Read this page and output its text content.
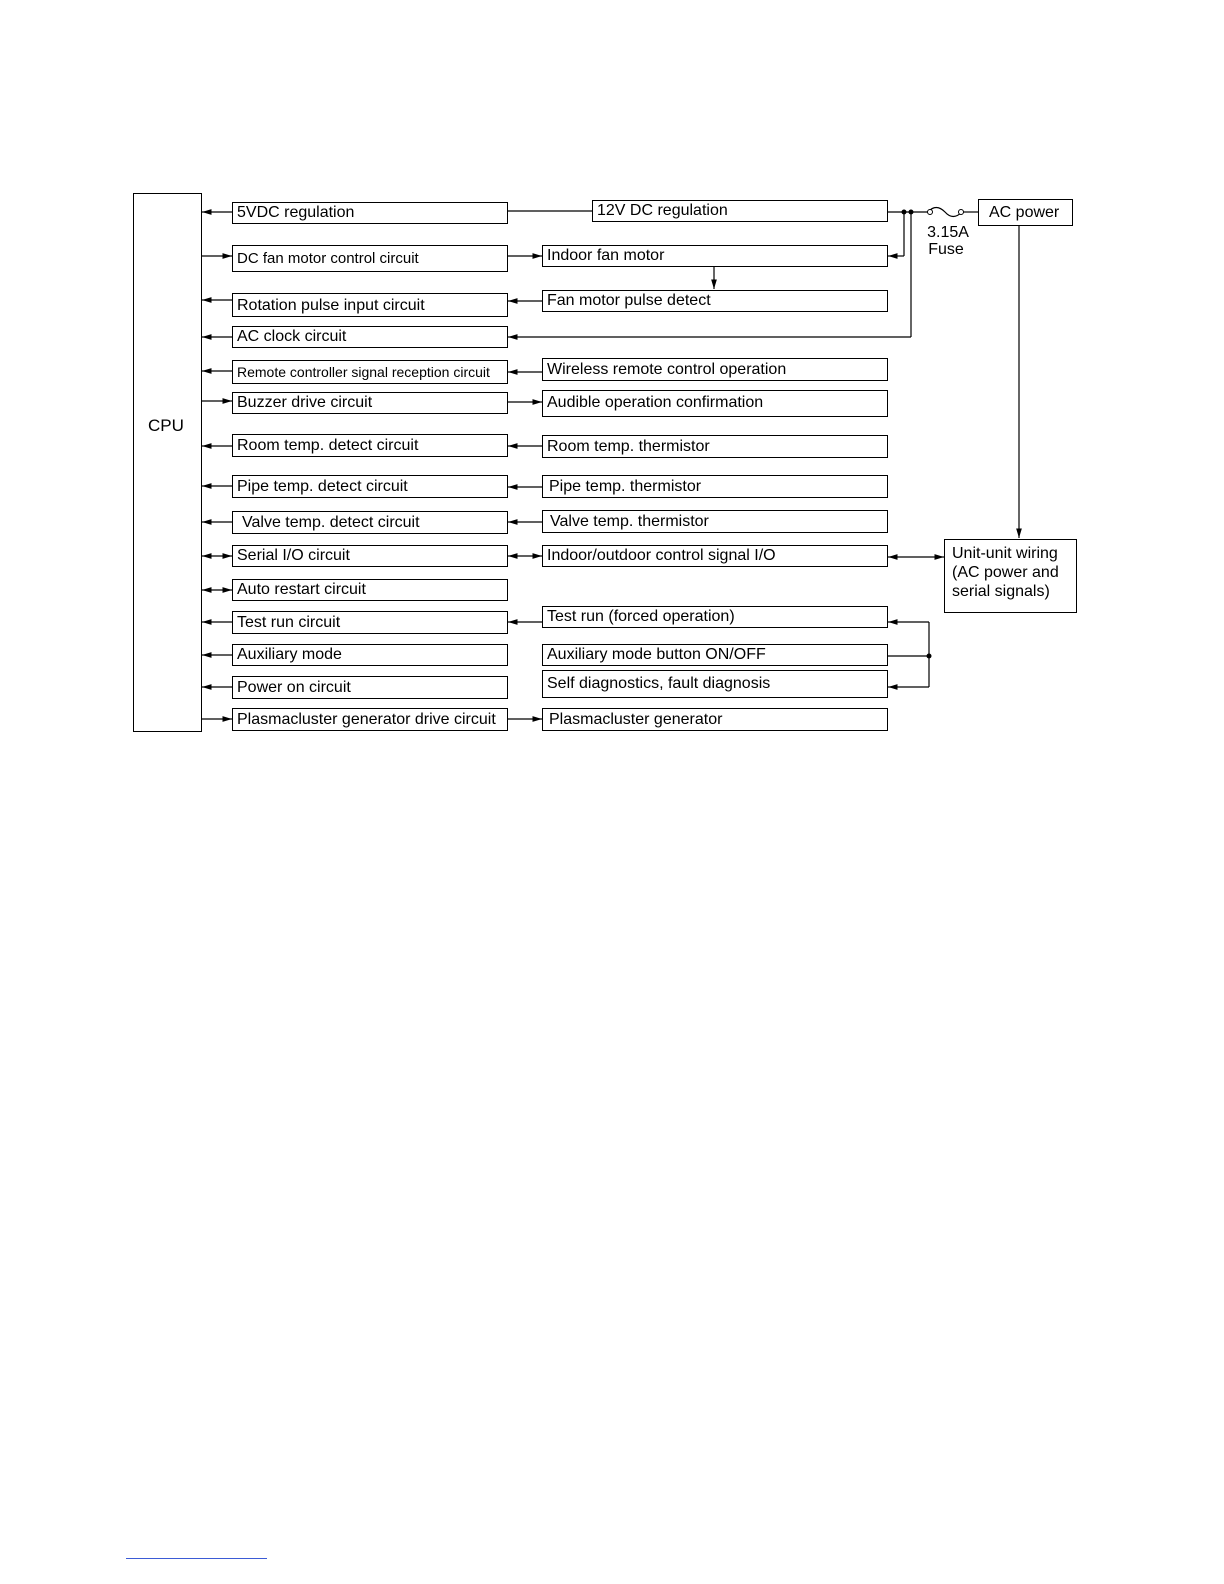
CPU
5VDC regulation
DC fan motor control circuit
Rotation pulse input circuit
AC clock circuit
Remote controller signal reception circuit
Buzzer drive circuit
Room temp. detect circuit
Pipe temp. detect circuit
Valve temp. detect circuit
Serial I/O circuit
Auto restart circuit
Test run circuit
Auxiliary mode
Power on circuit
Plasmacluster generator drive circuit
12V DC regulation
Indoor fan motor
Fan motor pulse detect
Wireless remote control operation
Audible operation confirmation
Room temp. thermistor
Pipe temp. thermistor
Valve temp. thermistor
Indoor/outdoor control signal I/O
Test run (forced operation)
Auxiliary mode button ON/OFF
Self diagnostics, fault diagnosis
Plasmacluster generator
AC power
3.15A
Fuse
Unit-unit wiring (AC power and serial signals)
